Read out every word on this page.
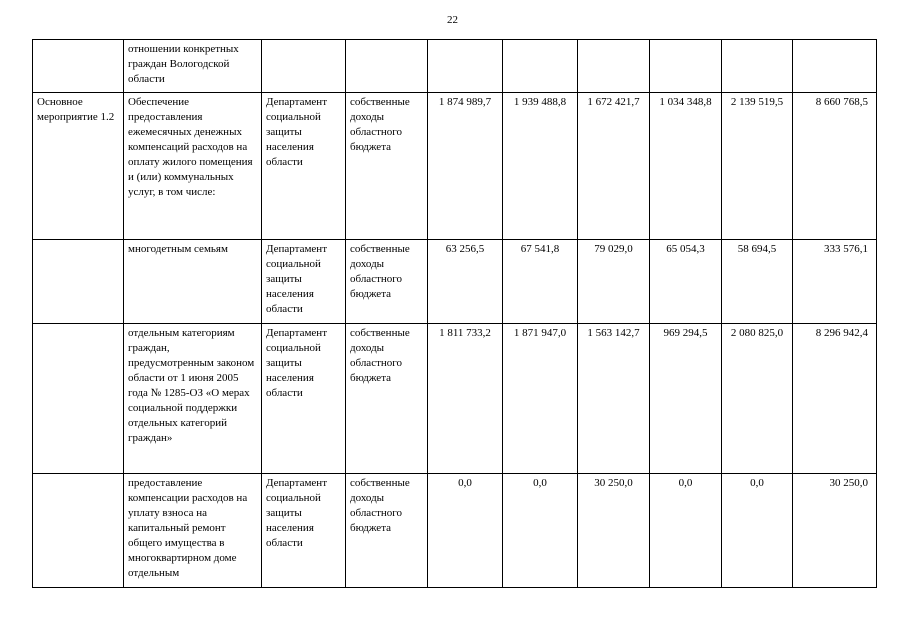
22
	отношении конкретных граждан Вологодской области								
Основное мероприятие 1.2	Обеспечение предоставления ежемесячных денежных компенсаций расходов на оплату жилого помещения и (или) коммунальных услуг, в том числе:	Департамент социальной защиты населения области	собственные доходы областного бюджета	1 874 989,7	1 939 488,8	1 672 421,7	1 034 348,8	2 139 519,5	8 660 768,5
	многодетным семьям	Департамент социальной защиты населения области	собственные доходы областного бюджета	63 256,5	67 541,8	79 029,0	65 054,3	58 694,5	333 576,1
	отдельным категориям граждан, предусмотренным законом области от 1 июня 2005 года № 1285-ОЗ «О мерах социальной поддержки отдельных категорий граждан»	Департамент социальной защиты населения области	собственные доходы областного бюджета	1 811 733,2	1 871 947,0	1 563 142,7	969 294,5	2 080 825,0	8 296 942,4
	предоставление компенсации расходов на уплату взноса на капитальный ремонт общего имущества в многоквартирном доме отдельным	Департамент социальной защиты населения области	собственные доходы областного бюджета	0,0	0,0	30 250,0	0,0	0,0	30 250,0
